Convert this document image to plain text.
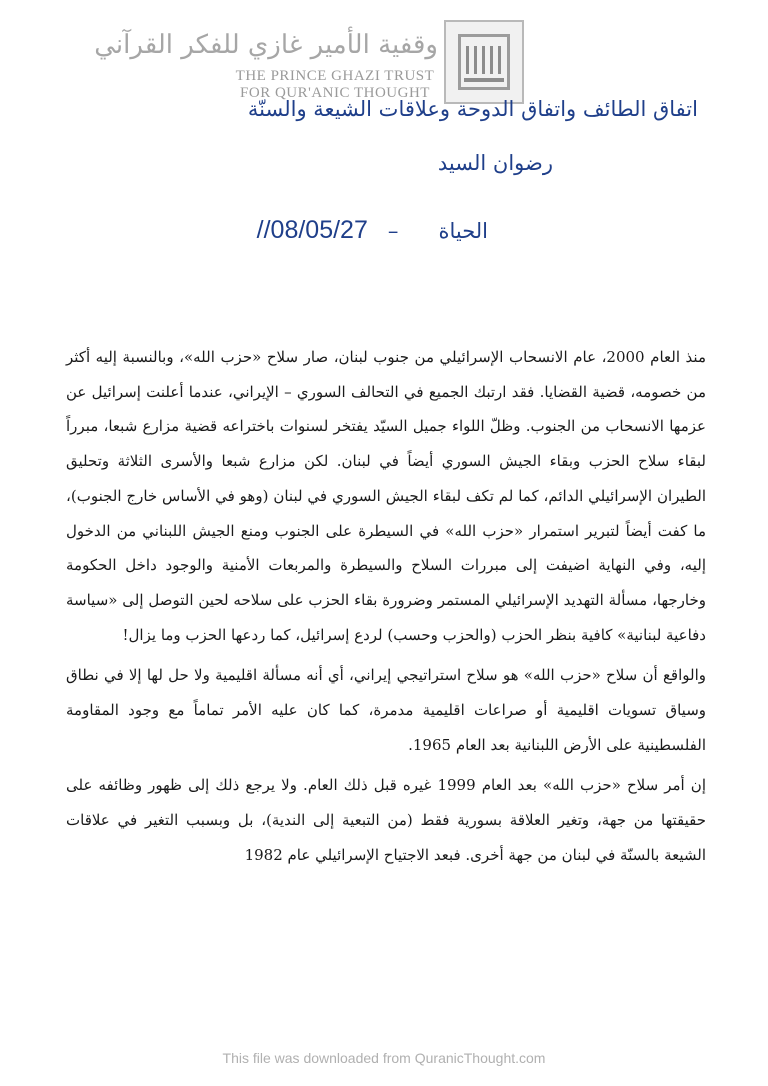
وقفية الأمير غازي للفكر القرآني
THE PRINCE GHAZI TRUST
FOR QUR'ANIC THOUGHT
اتفاق الطائف واتفاق الدوحة وعلاقات الشيعة والسنّة
رضوان السيد
الحياة      –   //08/05/27

منذ العام 2000، عام الانسحاب الإسرائيلي من جنوب لبنان، صار سلاح «حزب الله»، وبالنسبة إليه أكثر من خصومه، قضية القضايا. فقد ارتبك الجميع في التحالف السوري – الإيراني، عندما أعلنت إسرائيل عن عزمها الانسحاب من الجنوب. وظلّ اللواء جميل السيّد يفتخر لسنوات باختراعه قضية مزارع شبعا، مبرراً لبقاء سلاح الحزب وبقاء الجيش السوري أيضاً في لبنان. لكن مزارع شبعا والأسرى الثلاثة وتحليق الطيران الإسرائيلي الدائم، كما لم تكف لبقاء الجيش السوري في لبنان (وهو في الأساس خارج الجنوب)، ما كفت أيضاً لتبرير استمرار «حزب الله» في السيطرة على الجنوب ومنع الجيش اللبناني من الدخول إليه، وفي النهاية اضيفت إلى مبررات السلاح والسيطرة والمربعات الأمنية والوجود داخل الحكومة وخارجها، مسألة التهديد الإسرائيلي المستمر وضرورة بقاء الحزب على سلاحه لحين التوصل إلى «سياسة دفاعية لبنانية» كافية بنظر الحزب (والحزب وحسب) لردع إسرائيل، كما ردعها الحزب وما يزال!

والواقع أن سلاح «حزب الله» هو سلاح استراتيجي إيراني، أي أنه مسألة اقليمية ولا حل لها إلا في نطاق وسياق تسويات اقليمية أو صراعات اقليمية مدمرة، كما كان عليه الأمر تماماً مع وجود المقاومة الفلسطينية على الأرض اللبنانية بعد العام 1965.

إن أمر سلاح «حزب الله» بعد العام 1999 غيره قبل ذلك العام. ولا يرجع ذلك إلى ظهور وظائفه على حقيقتها من جهة، وتغير العلاقة بسورية فقط (من التبعية إلى الندية)، بل وبسبب التغير في علاقات الشيعة بالسنّة في لبنان من جهة أخرى. فبعد الاجتياح الإسرائيلي عام 1982

This file was downloaded from QuranicThought.com
